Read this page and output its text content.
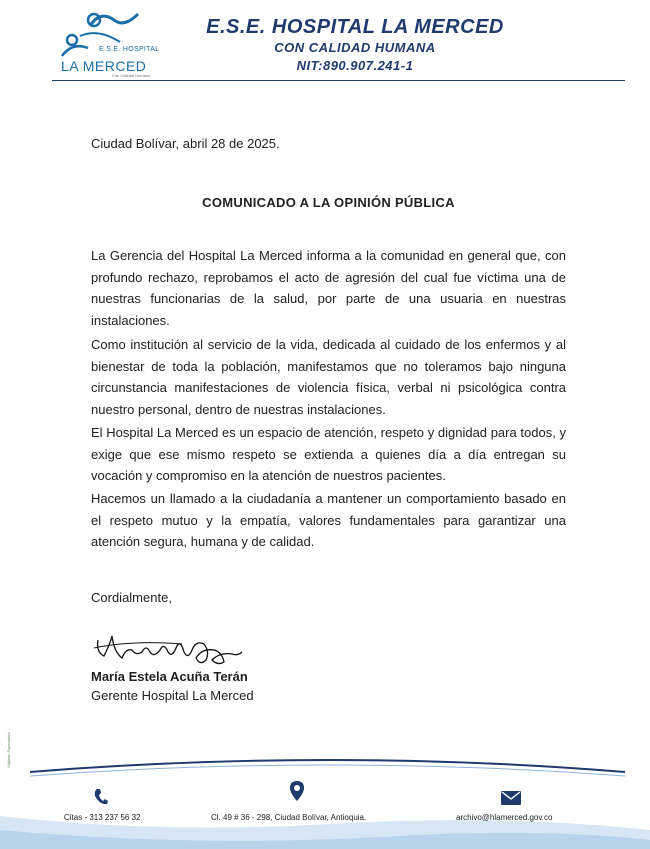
E.S.E. HOSPITAL
LA MERCED
Con Calidad Humana
E.S.E. HOSPITAL LA MERCED
CON CALIDAD HUMANA
NIT:890.907.241-1
Ciudad Bolívar, abril 28 de 2025.
COMUNICADO A LA OPINIÓN PÚBLICA

La Gerencia del Hospital La Merced informa a la comunidad en general que, con profundo rechazo, reprobamos el acto de agresión del cual fue víctima una de nuestras funcionarias de la salud, por parte de una usuaria en nuestras instalaciones.

Como institución al servicio de la vida, dedicada al cuidado de los enfermos y al bienestar de toda la población, manifestamos que no toleramos bajo ninguna circunstancia manifestaciones de violencia física, verbal ni psicológica contra nuestro personal, dentro de nuestras instalaciones.

El Hospital La Merced es un espacio de atención, respeto y dignidad para todos, y exige que ese mismo respeto se extienda a quienes día a día entregan su vocación y compromiso en la atención de nuestros pacientes.

Hacemos un llamado a la ciudadanía a mantener un comportamiento basado en el respeto mutuo y la empatía, valores fundamentales para garantizar una atención segura, humana y de calidad.

Cordialmente,
María Estela Acuña Terán
Gerente Hospital La Merced
Vigilado Supersalud
Citas - 313 237 56 32	Cl. 49 # 36 - 298, Ciudad Bolívar, Antioquia.	archivo@hlamerced.gov.co
